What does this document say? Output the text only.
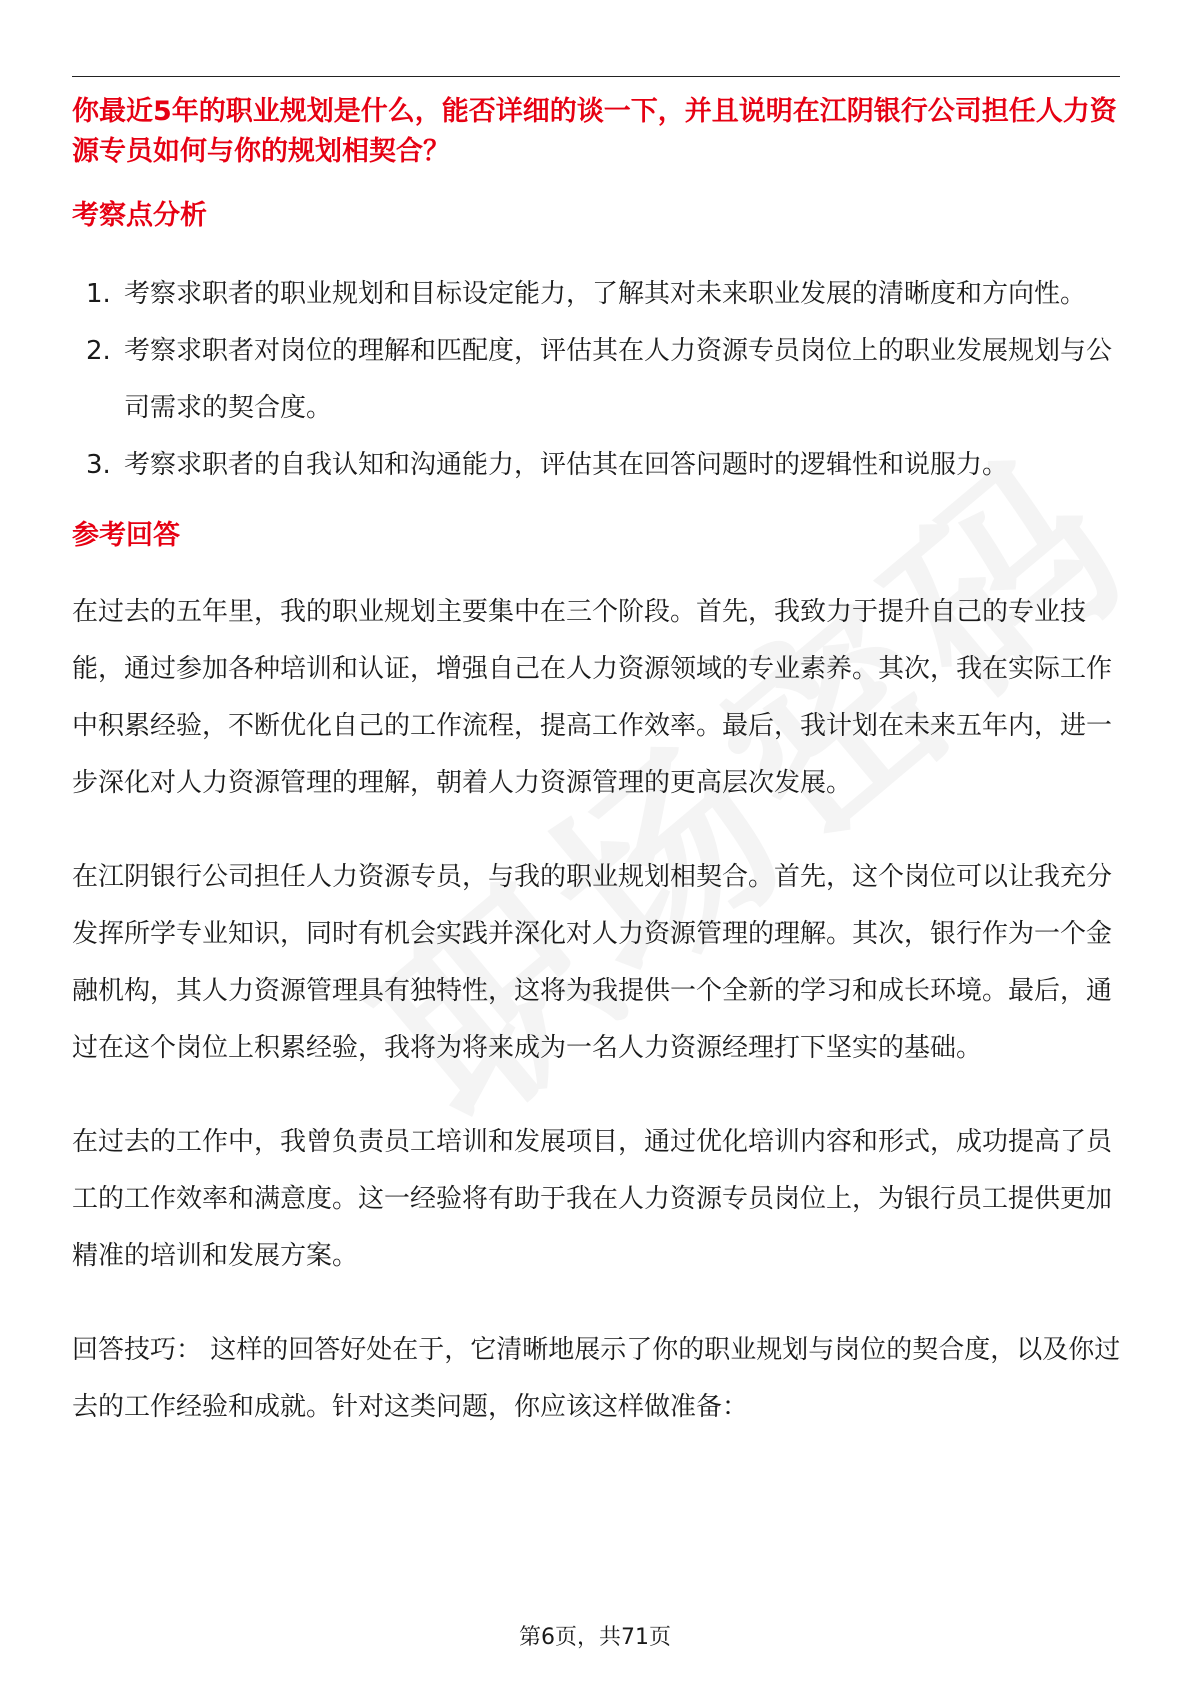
你最近5年的职业规划是什么，能否详细的谈一下，并且说明在江阴银行公司担任人力资源专员如何与你的规划相契合？

考察点分析

1. 考察求职者的职业规划和目标设定能力，了解其对未来职业发展的清晰度和方向性。
2. 考察求职者对岗位的理解和匹配度，评估其在人力资源专员岗位上的职业发展规划与公司需求的契合度。
3. 考察求职者的自我认知和沟通能力，评估其在回答问题时的逻辑性和说服力。

参考回答

在过去的五年里，我的职业规划主要集中在三个阶段。首先，我致力于提升自己的专业技能，通过参加各种培训和认证，增强自己在人力资源领域的专业素养。其次，我在实际工作中积累经验，不断优化自己的工作流程，提高工作效率。最后，我计划在未来五年内，进一步深化对人力资源管理的理解，朝着人力资源管理的更高层次发展。

在江阴银行公司担任人力资源专员，与我的职业规划相契合。首先，这个岗位可以让我充分发挥所学专业知识，同时有机会实践并深化对人力资源管理的理解。其次，银行作为一个金融机构，其人力资源管理具有独特性，这将为我提供一个全新的学习和成长环境。最后，通过在这个岗位上积累经验，我将为将来成为一名人力资源经理打下坚实的基础。

在过去的工作中，我曾负责员工培训和发展项目，通过优化培训内容和形式，成功提高了员工的工作效率和满意度。这一经验将有助于我在人力资源专员岗位上，为银行员工提供更加精准的培训和发展方案。

回答技巧： 这样的回答好处在于，它清晰地展示了你的职业规划与岗位的契合度，以及你过去的工作经验和成就。针对这类问题，你应该这样做准备：

第6页，共71页
